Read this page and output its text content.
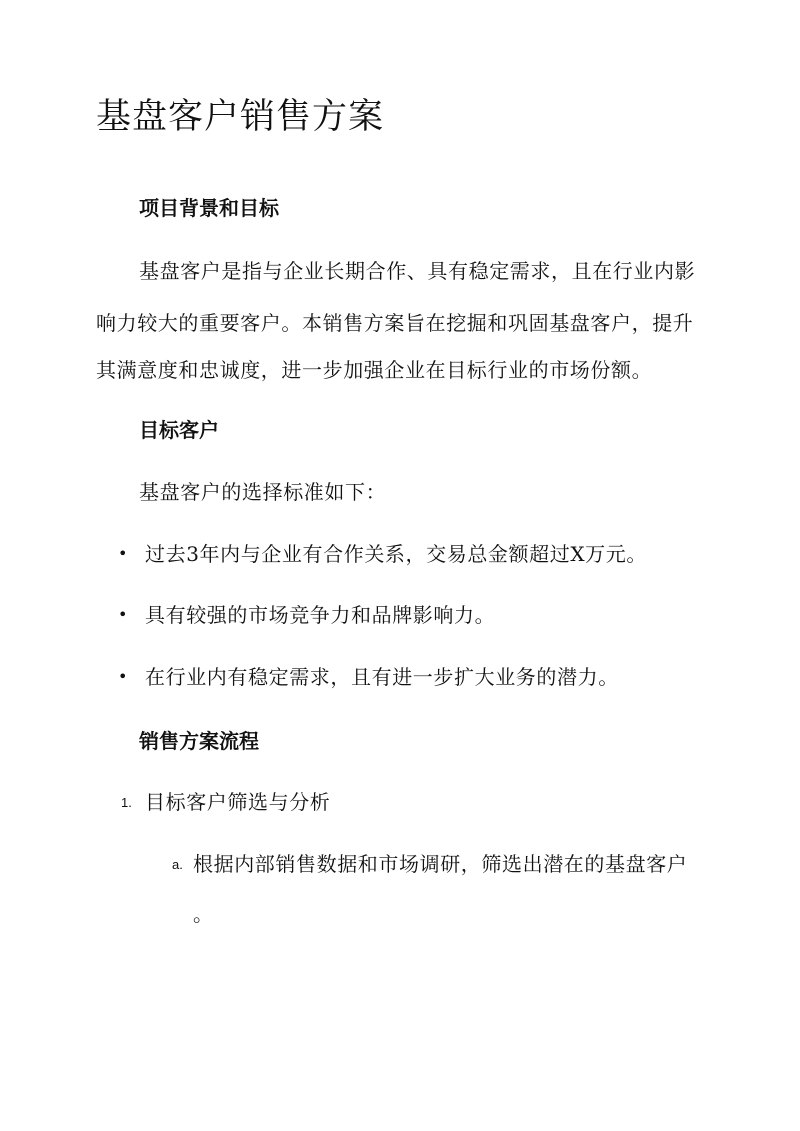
基盘客户销售方案
项目背景和目标
基盘客户是指与企业长期合作、具有稳定需求，且在行业内影
响力较大的重要客户。本销售方案旨在挖掘和巩固基盘客户，提升
其满意度和忠诚度，进一步加强企业在目标行业的市场份额。
目标客户
基盘客户的选择标准如下：
• 过去3年内与企业有合作关系，交易总金额超过X万元。
• 具有较强的市场竞争力和品牌影响力。
• 在行业内有稳定需求，且有进一步扩大业务的潜力。
销售方案流程
1. 目标客户筛选与分析
a. 根据内部销售数据和市场调研，筛选出潜在的基盘客户
。
